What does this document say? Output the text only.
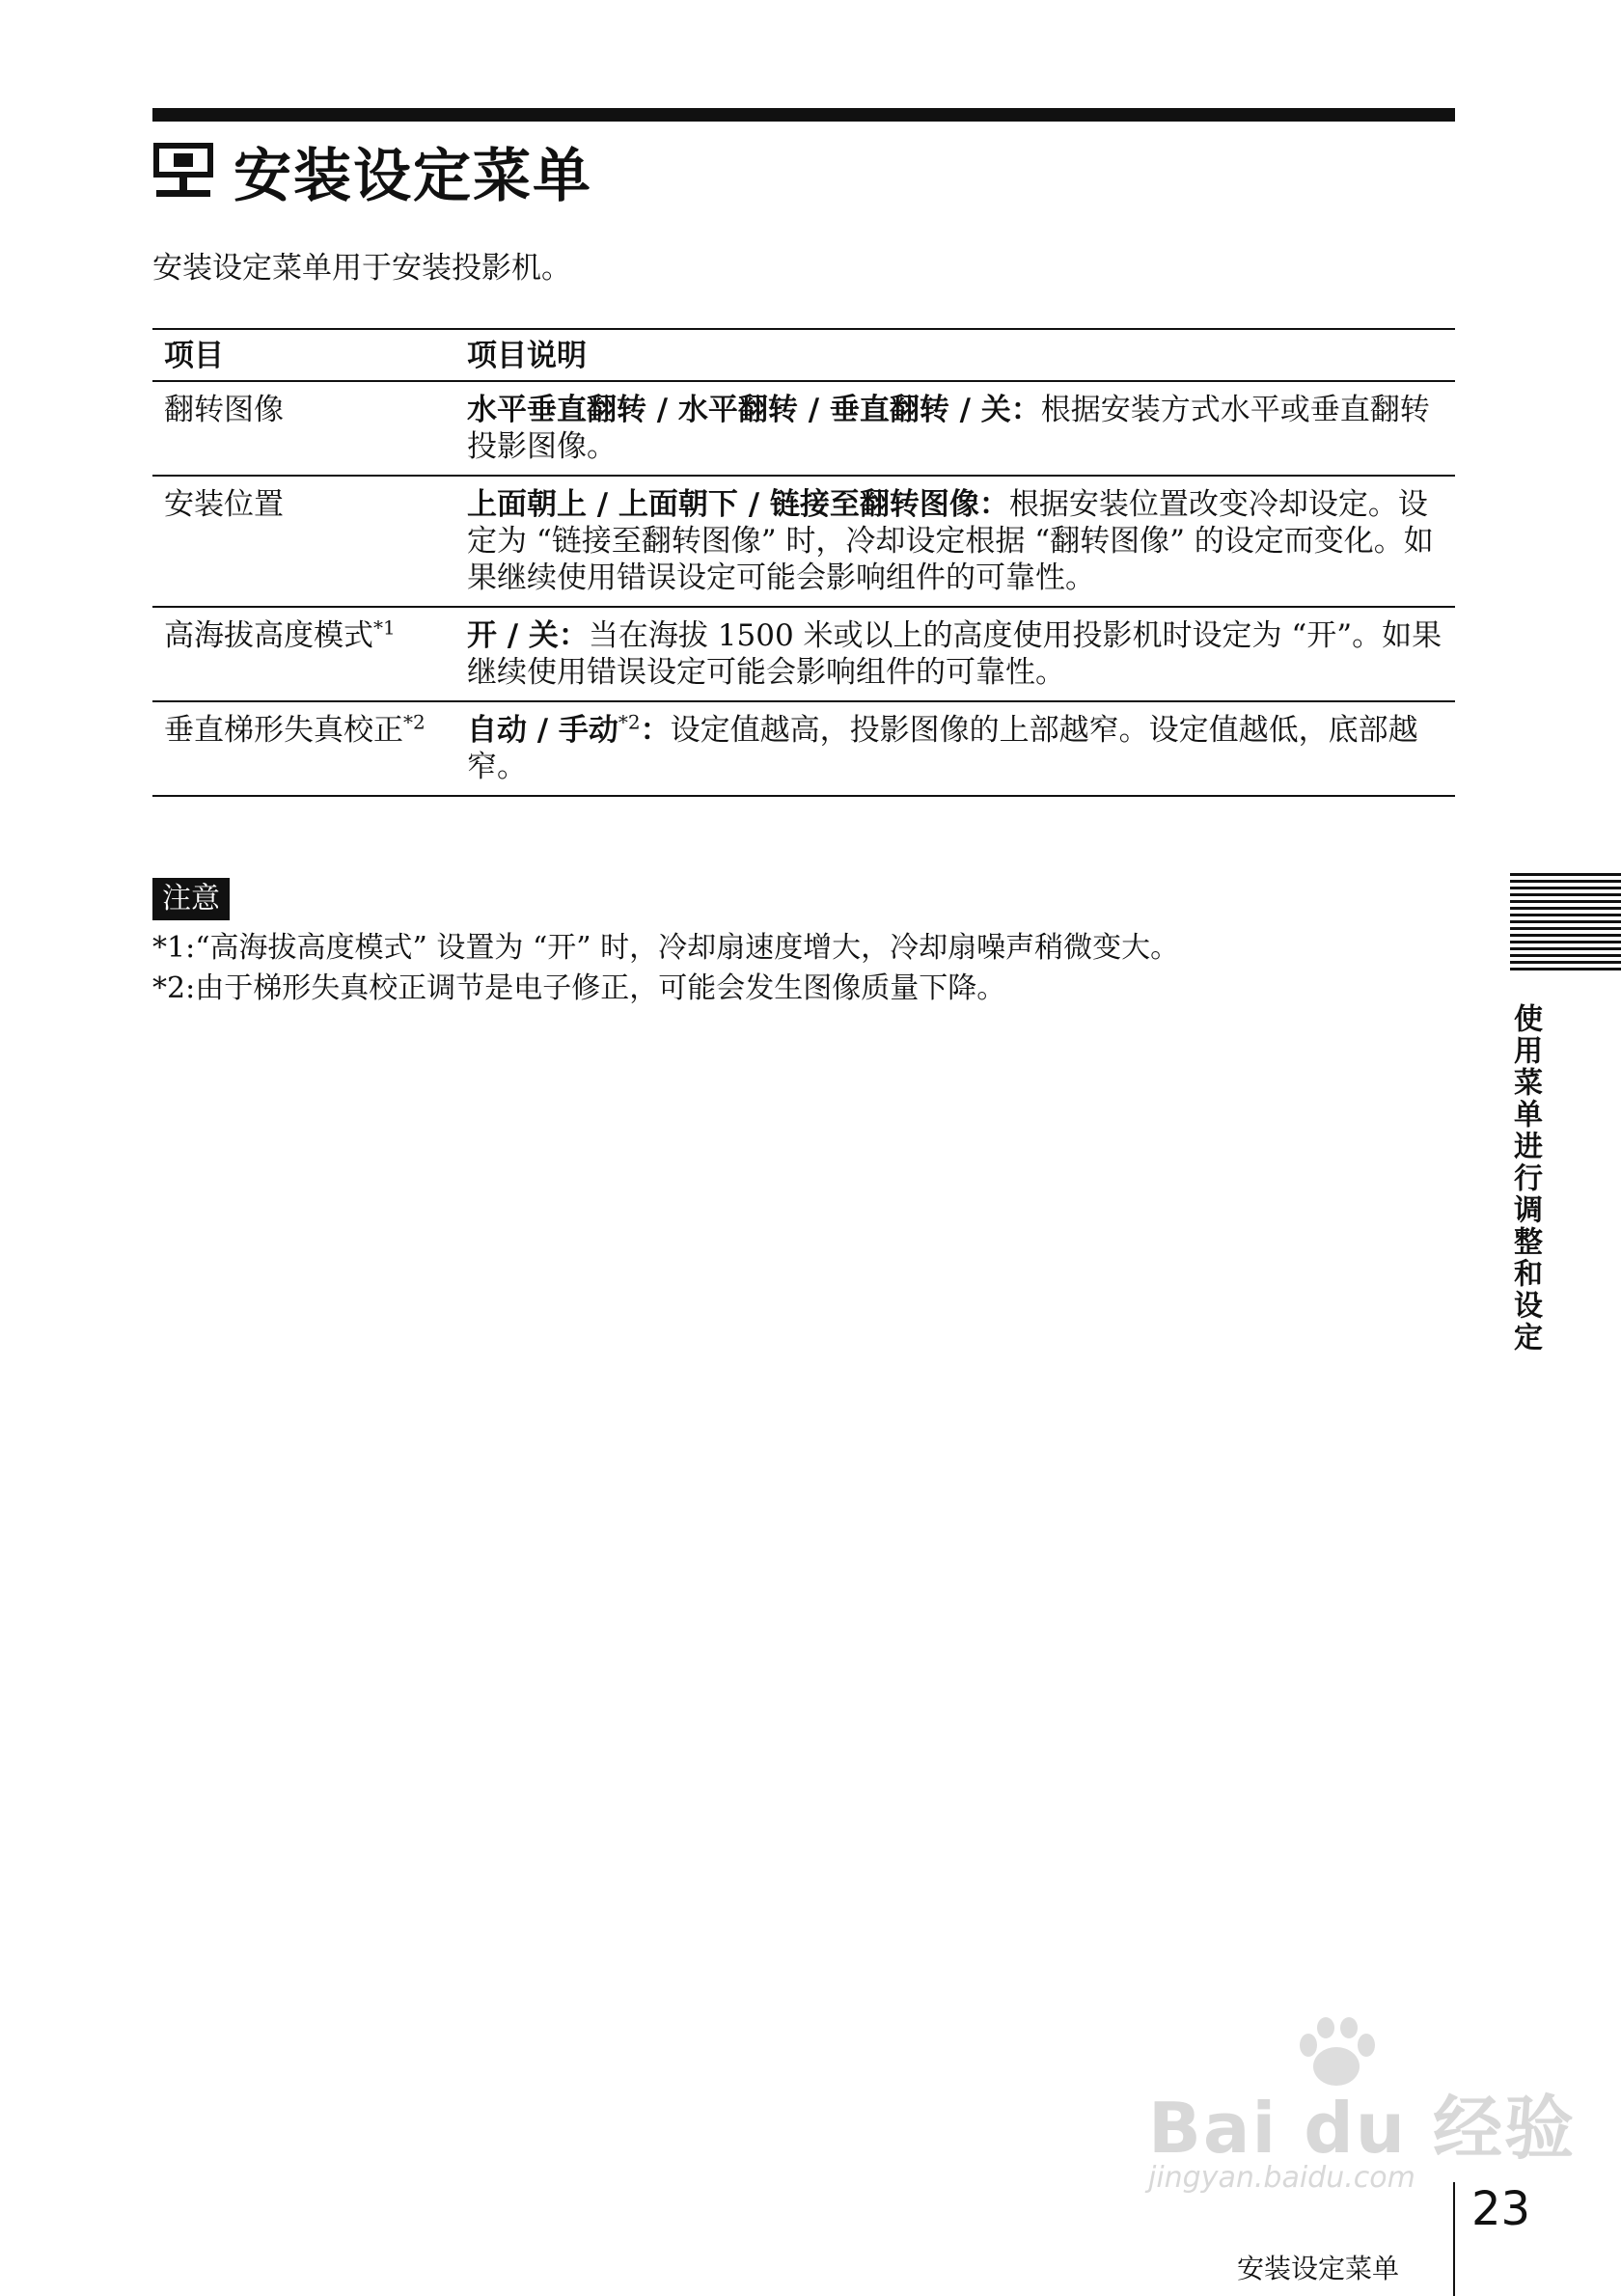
安装设定菜单
安装设定菜单用于安装投影机。
项目	项目说明
翻转图像	水平垂直翻转 / 水平翻转 / 垂直翻转 / 关：根据安装方式水平或垂直翻转投影图像。
安装位置	上面朝上 / 上面朝下 / 链接至翻转图像：根据安装位置改变冷却设定。设定为 “链接至翻转图像” 时，冷却设定根据 “翻转图像” 的设定而变化。如果继续使用错误设定可能会影响组件的可靠性。
高海拔高度模式$^{*1}$	开 / 关：当在海拔 1500 米或以上的高度使用投影机时设定为 “开”。如果继续使用错误设定可能会影响组件的可靠性。
垂直梯形失真校正$^{*2}$	自动 / 手动$^{*2}$：设定值越高，投影图像的上部越窄。设定值越低，底部越窄。
注意
*1:“高海拔高度模式” 设置为 “开” 时，冷却扇速度增大，冷却扇噪声稍微变大。
*2:由于梯形失真校正调节是电子修正，可能会发生图像质量下降。
使用菜单进行调整和设定
Bai du 经验
jingyan.baidu.com
安装设定菜单
23
